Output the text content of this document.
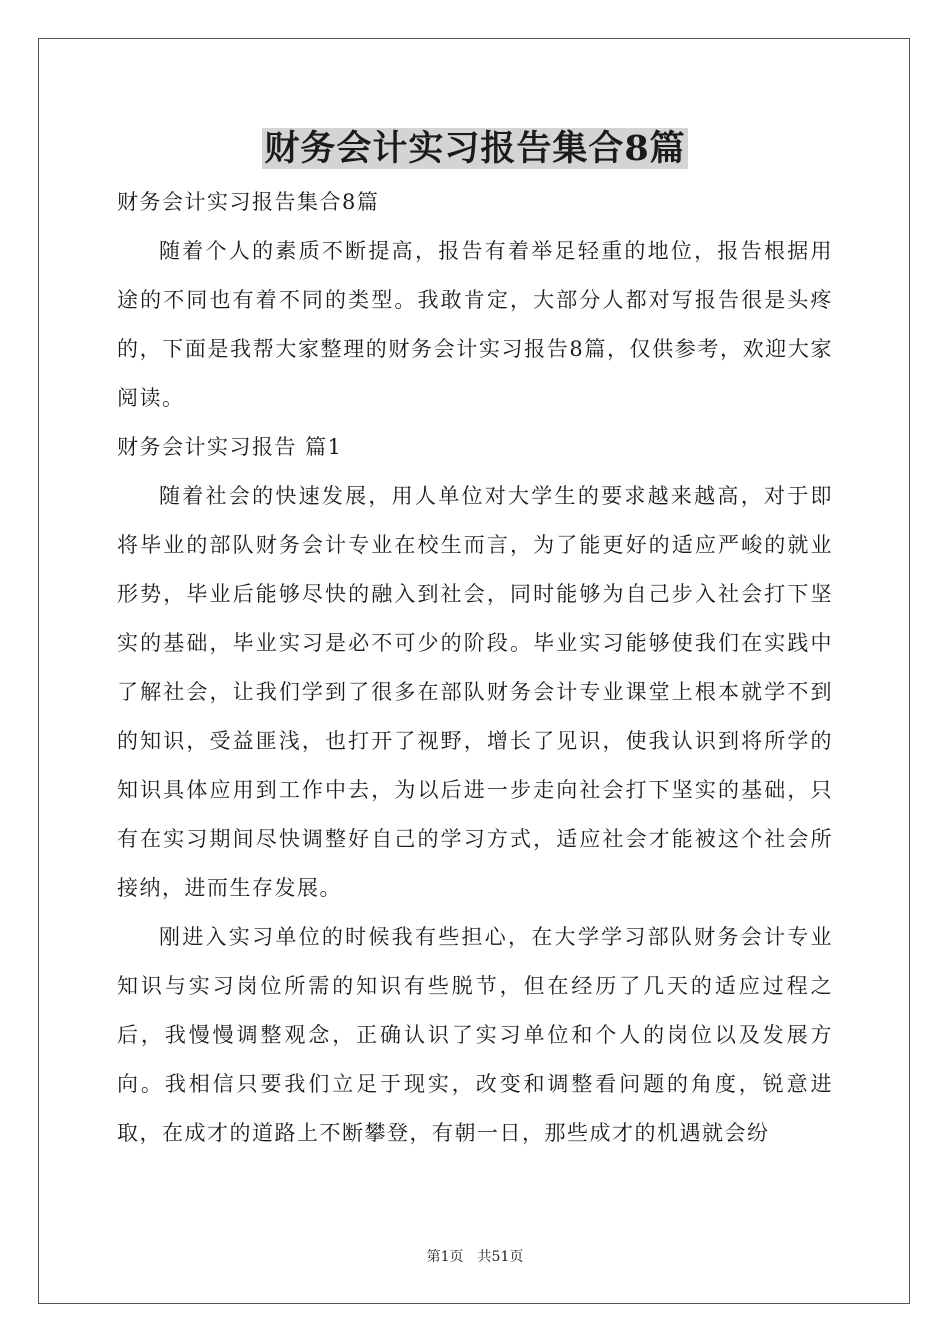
财务会计实习报告集合8篇

财务会计实习报告集合8篇

随着个人的素质不断提高，报告有着举足轻重的地位，报告根据用途的不同也有着不同的类型。我敢肯定，大部分人都对写报告很是头疼的，下面是我帮大家整理的财务会计实习报告8篇，仅供参考，欢迎大家阅读。

财务会计实习报告 篇1

随着社会的快速发展，用人单位对大学生的要求越来越高，对于即将毕业的部队财务会计专业在校生而言，为了能更好的适应严峻的就业形势，毕业后能够尽快的融入到社会，同时能够为自己步入社会打下坚实的基础，毕业实习是必不可少的阶段。毕业实习能够使我们在实践中了解社会，让我们学到了很多在部队财务会计专业课堂上根本就学不到的知识，受益匪浅，也打开了视野，增长了见识，使我认识到将所学的知识具体应用到工作中去，为以后进一步走向社会打下坚实的基础，只有在实习期间尽快调整好自己的学习方式，适应社会才能被这个社会所接纳，进而生存发展。

刚进入实习单位的时候我有些担心，在大学学习部队财务会计专业知识与实习岗位所需的知识有些脱节，但在经历了几天的适应过程之后，我慢慢调整观念，正确认识了实习单位和个人的岗位以及发展方向。我相信只要我们立足于现实，改变和调整看问题的角度，锐意进取，在成才的道路上不断攀登，有朝一日，那些成才的机遇就会纷

第1页 共51页
